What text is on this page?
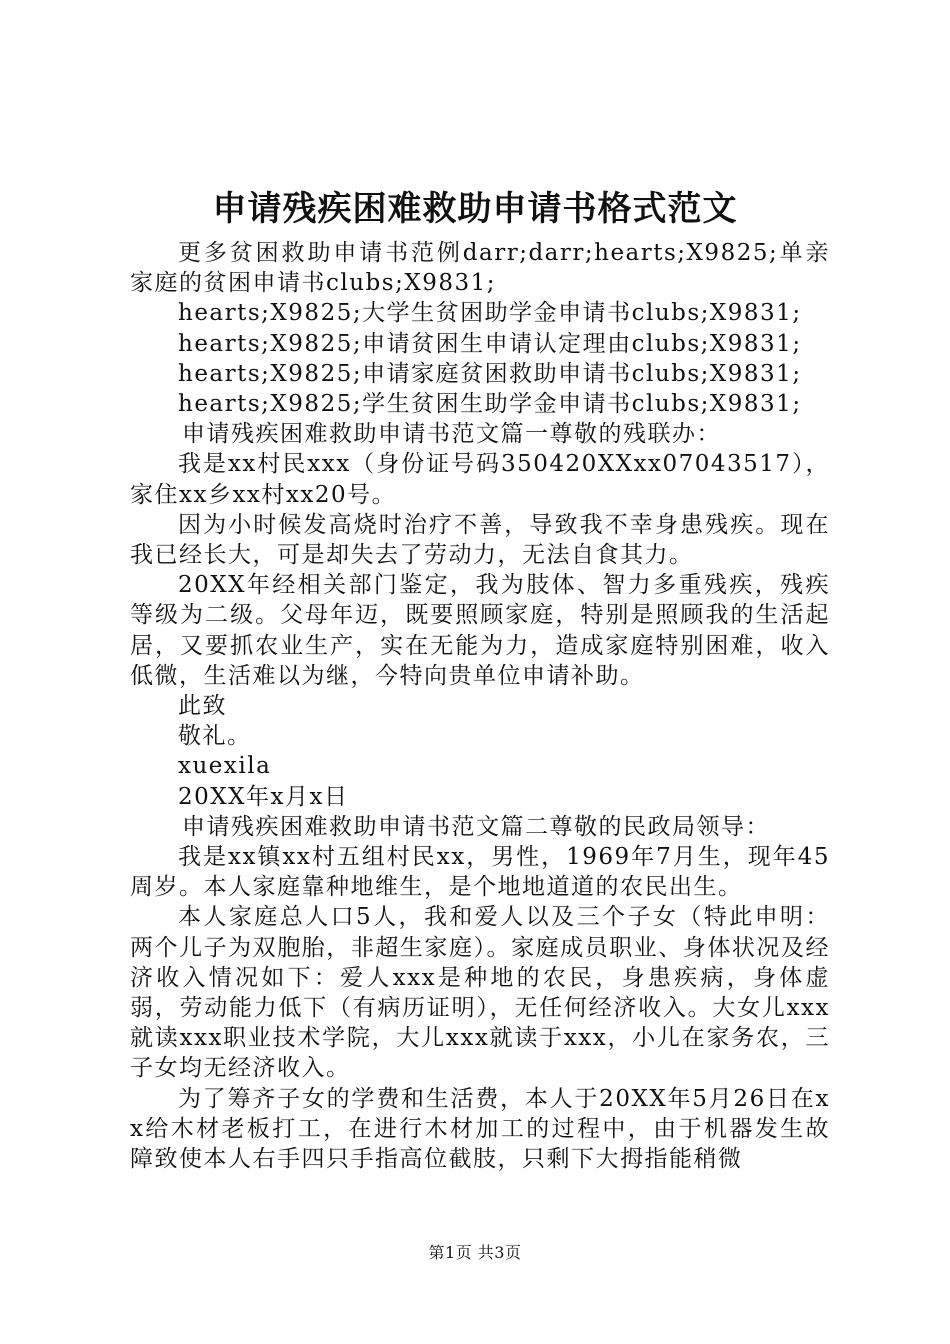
申请残疾困难救助申请书格式范文

更多贫困救助申请书范例darr;darr;hearts;X9825;单亲家庭的贫困申请书clubs;X9831;

hearts;X9825;大学生贫困助学金申请书clubs;X9831;

hearts;X9825;申请贫困生申请认定理由clubs;X9831;

hearts;X9825;申请家庭贫困救助申请书clubs;X9831;

hearts;X9825;学生贫困生助学金申请书clubs;X9831;

申请残疾困难救助申请书范文篇一尊敬的残联办：

我是xx村民xxx（身份证号码350420XXxx07043517），家住xx乡xx村xx20号。

因为小时候发高烧时治疗不善，导致我不幸身患残疾。现在我已经长大，可是却失去了劳动力，无法自食其力。

20XX年经相关部门鉴定，我为肢体、智力多重残疾，残疾等级为二级。父母年迈，既要照顾家庭，特别是照顾我的生活起居，又要抓农业生产，实在无能为力，造成家庭特别困难，收入低微，生活难以为继，今特向贵单位申请补助。

此致

敬礼。

xuexila

20XX年x月x日

申请残疾困难救助申请书范文篇二尊敬的民政局领导：

我是xx镇xx村五组村民xx，男性，1969年7月生，现年45周岁。本人家庭靠种地维生，是个地地道道的农民出生。

本人家庭总人口5人，我和爱人以及三个子女（特此申明：两个儿子为双胞胎，非超生家庭）。家庭成员职业、身体状况及经济收入情况如下：爱人xxx是种地的农民，身患疾病，身体虚弱，劳动能力低下（有病历证明），无任何经济收入。大女儿xxx就读xxx职业技术学院，大儿xxx就读于xxx，小儿在家务农，三子女均无经济收入。

为了筹齐子女的学费和生活费，本人于20XX年5月26日在xx给木材老板打工，在进行木材加工的过程中，由于机器发生故障致使本人右手四只手指高位截肢，只剩下大拇指能稍微

第1页 共3页
